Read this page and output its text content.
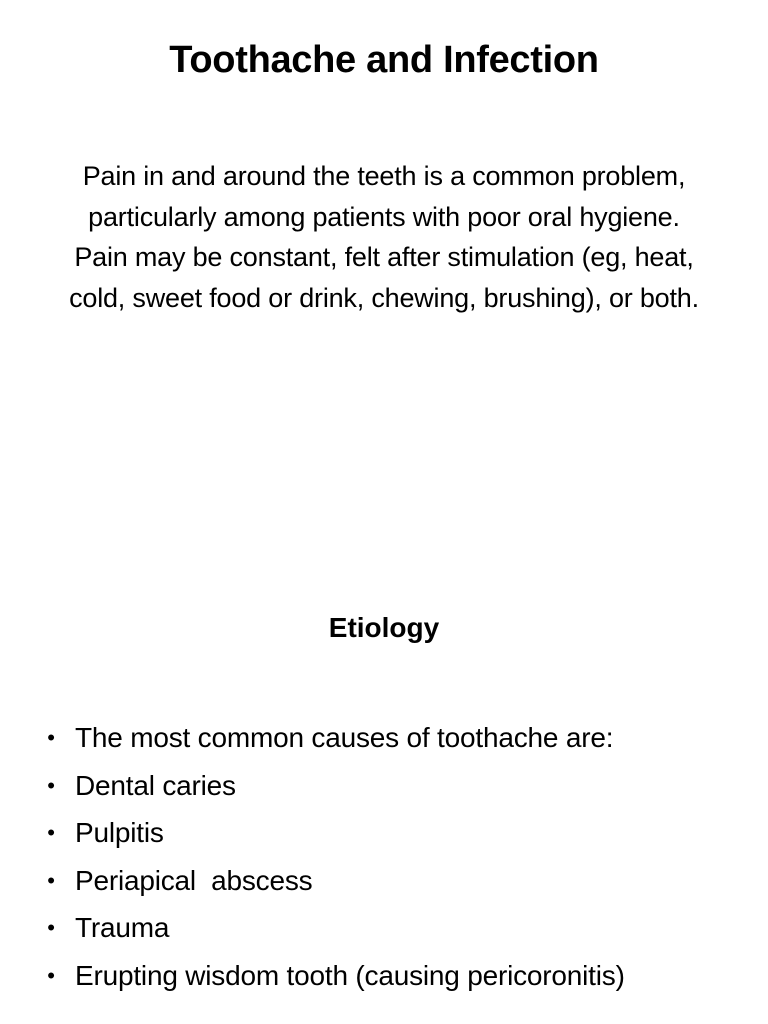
Toothache and Infection
Pain in and around the teeth is a common problem, particularly among patients with poor oral hygiene. Pain may be constant, felt after stimulation (eg, heat, cold, sweet food or drink, chewing, brushing), or both.
Etiology
• The most common causes of toothache are:
• Dental caries
• Pulpitis
• Periapical  abscess
• Trauma
• Erupting wisdom tooth (causing pericoronitis)
